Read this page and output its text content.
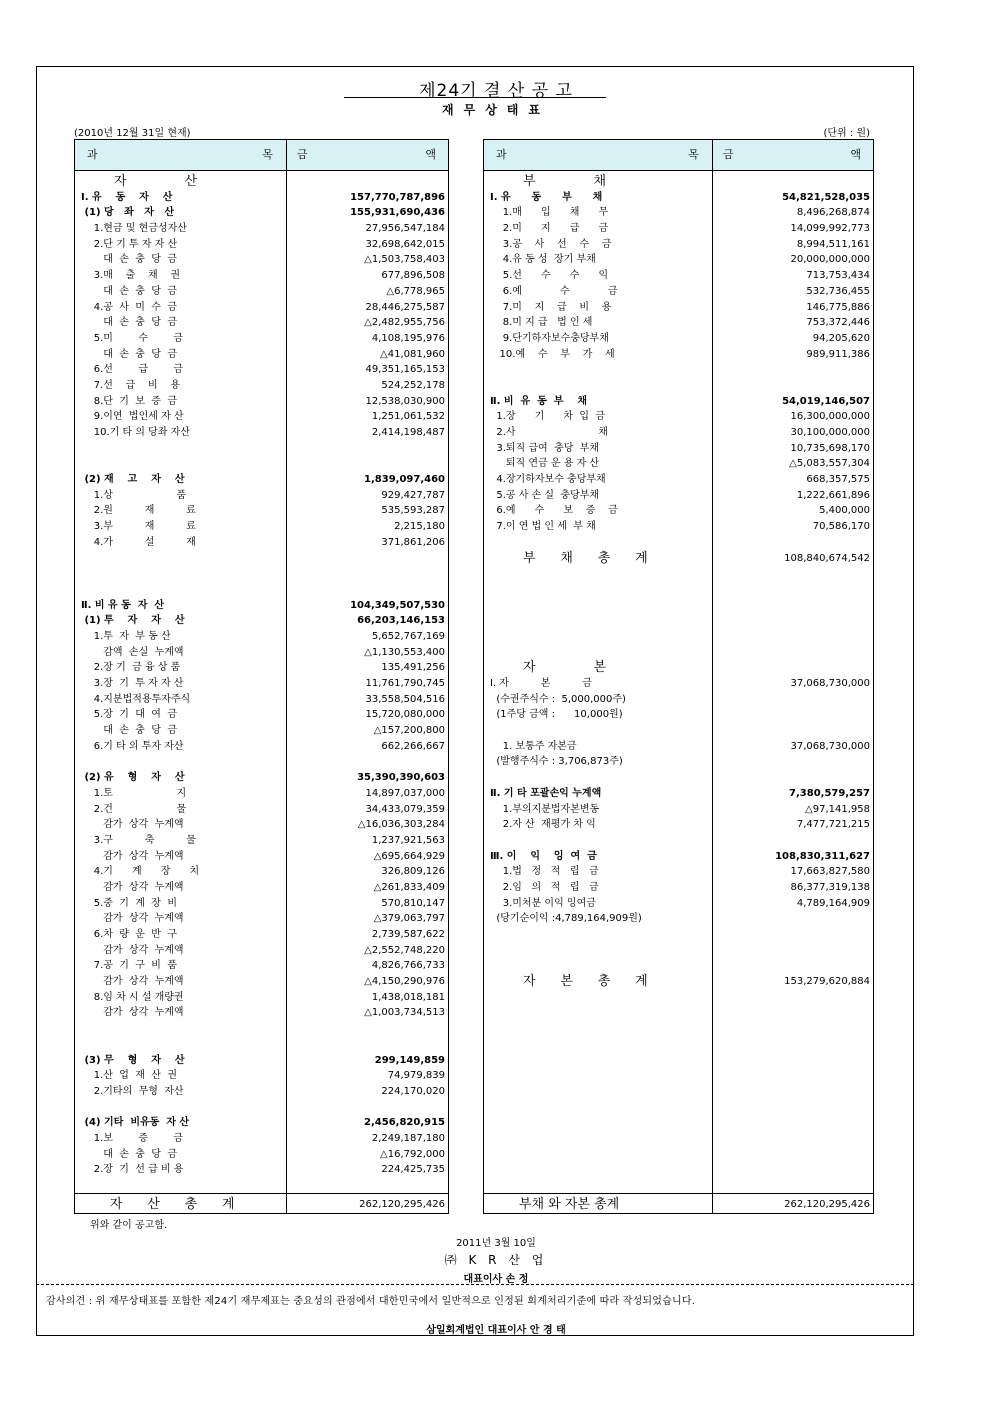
제24기 결 산 공 고
재무상태표
(2010년 12월 31일 현재)	(단위 : 원)
과	목 금	액
자              산
Ⅰ. 유    동    자    산	157,770,787,896
(1) 당   좌   자   산	155,931,690,436
1.현금 및 현금성자산	27,956,547,184
2.단 기 투 자 자 산	32,698,642,015
대  손  충  당  금	△1,503,758,403
3.매    출    채    권	677,896,508
대  손  충  당  금	△6,778,965
4.공  사  미  수  금	28,446,275,587
대  손  충  당  금	△2,482,955,756
5.미        수        금	4,108,195,976
대  손  충  당  금	△41,081,960
6.선        급        금	49,351,165,153
7.선    급    비    용	524,252,178
8.단  기  보  증  금	12,538,030,900
9.이연  법인세 자 산	1,251,061,532
10.기 타 의 당좌 자산	2,414,198,487
(2) 재    고    자    산	1,839,097,460
1.상                    품	929,427,787
2.원          재          료	535,593,287
3.부          재          료	2,215,180
4.가          설          재	371,861,206
Ⅱ. 비 유 동  자  산	104,349,507,530
(1) 투    자    자    산	66,203,146,153
1.투  자  부 동 산	5,652,767,169
감액  손실  누계액	△1,130,553,400
2.장 기  금 융 상 품	135,491,256
3.장  기  투 자 자 산	11,761,790,745
4.지분법적용투자주식	33,558,504,516
5.장  기  대  여  금	15,720,080,000
대  손  충  당  금	△157,200,800
6.기 타 의 투자 자산	662,266,667
(2) 유    형    자    산	35,390,390,603
1.토                    지	14,897,037,000
2.건                    물	34,433,079,359
감가  상각  누계액	△16,036,303,284
3.구          축          물	1,237,921,563
감가  상각  누계액	△695,664,929
4.기      계      장      치	326,809,126
감가  상각  누계액	△261,833,409
5.중  기  계  장  비	570,810,147
감가  상각  누계액	△379,063,797
6.차  량  운  반  구	2,739,587,622
감가  상각  누계액	△2,552,748,220
7.공  기  구  비  품	4,826,766,733
감가  상각  누계액	△4,150,290,976
8.임 차 시 설 개량권	1,438,018,181
감가  상각  누계액	△1,003,734,513
(3) 무    형    자    산	299,149,859
1.산  업  재  산  권	74,979,839
2.기타의  무형  자산	224,170,020
(4) 기타  비유동  자 산	2,456,820,915
1.보        증        금	2,249,187,180
대  손  충  당  금	△16,792,000
2.장  기  선 급 비 용	224,425,735
자      산      총      계	262,120,295,426
과	목 금	액
부              채
Ⅰ. 유      동      부      채	54,821,528,035
1.매      입      채      무	8,496,268,874
2.미      지      급      금	14,099,992,773
3.공    사    선    수    금	8,994,511,161
4.유 동 성  장기 부채	20,000,000,000
5.선      수      수      익	713,753,434
6.예            수            금	532,736,455
7.미    지    급    비    용	146,775,886
8.미 지 급   법 인 세	753,372,446
9.단기하자보수충당부채	94,205,620
10.예    수    부    가    세	989,911,386
Ⅱ. 비  유  동  부    채	54,019,146,507
1.장      기      차  입  금	16,300,000,000
2.사                          채	30,100,000,000
3.퇴직 급여  충당  부채	10,735,698,170
퇴직 연금 운 용 자 산	△5,083,557,304
4.장기하자보수 충당부채	668,357,575
5.공 사 손 실  충당부채	1,222,661,896
6.예      수      보    증    금	5,400,000
7.이 연 법 인 세  부 채	70,586,170
부      채      총      계	108,840,674,542
자              본
Ⅰ. 자          본          금	37,068,730,000
(수권주식수 :  5,000,000주)
(1주당 금액 :      10,000원)
1. 보통주 자본금	37,068,730,000
(발행주식수 : 3,706,873주)
Ⅱ. 기 타 포괄손익 누계액	7,380,579,257
1.부의지분법자본변동	△97,141,958
2.자 산  재평가 차 익	7,477,721,215
Ⅲ. 이    익    잉  여  금	108,830,311,627
1.법   정   적   립   금	17,663,827,580
2.임   의   적   립   금	86,377,319,138
3.미처분 이익 잉여금	4,789,164,909
(당기순이익 :4,789,164,909원)
자      본      총      계	153,279,620,884
부채 와 자본 총계	262,120,295,426
위와 같이 공고함.
2011년 3월 10일
㈜ K R 산 업
대표이사 손 정
감사의견 : 위 재무상태표를 포함한 제24기 재무제표는 중요성의 관점에서 대한민국에서 일반적으로 인정된 회계처리기준에 따라 작성되었습니다.
삼일회계법인 대표이사 안 경 태
